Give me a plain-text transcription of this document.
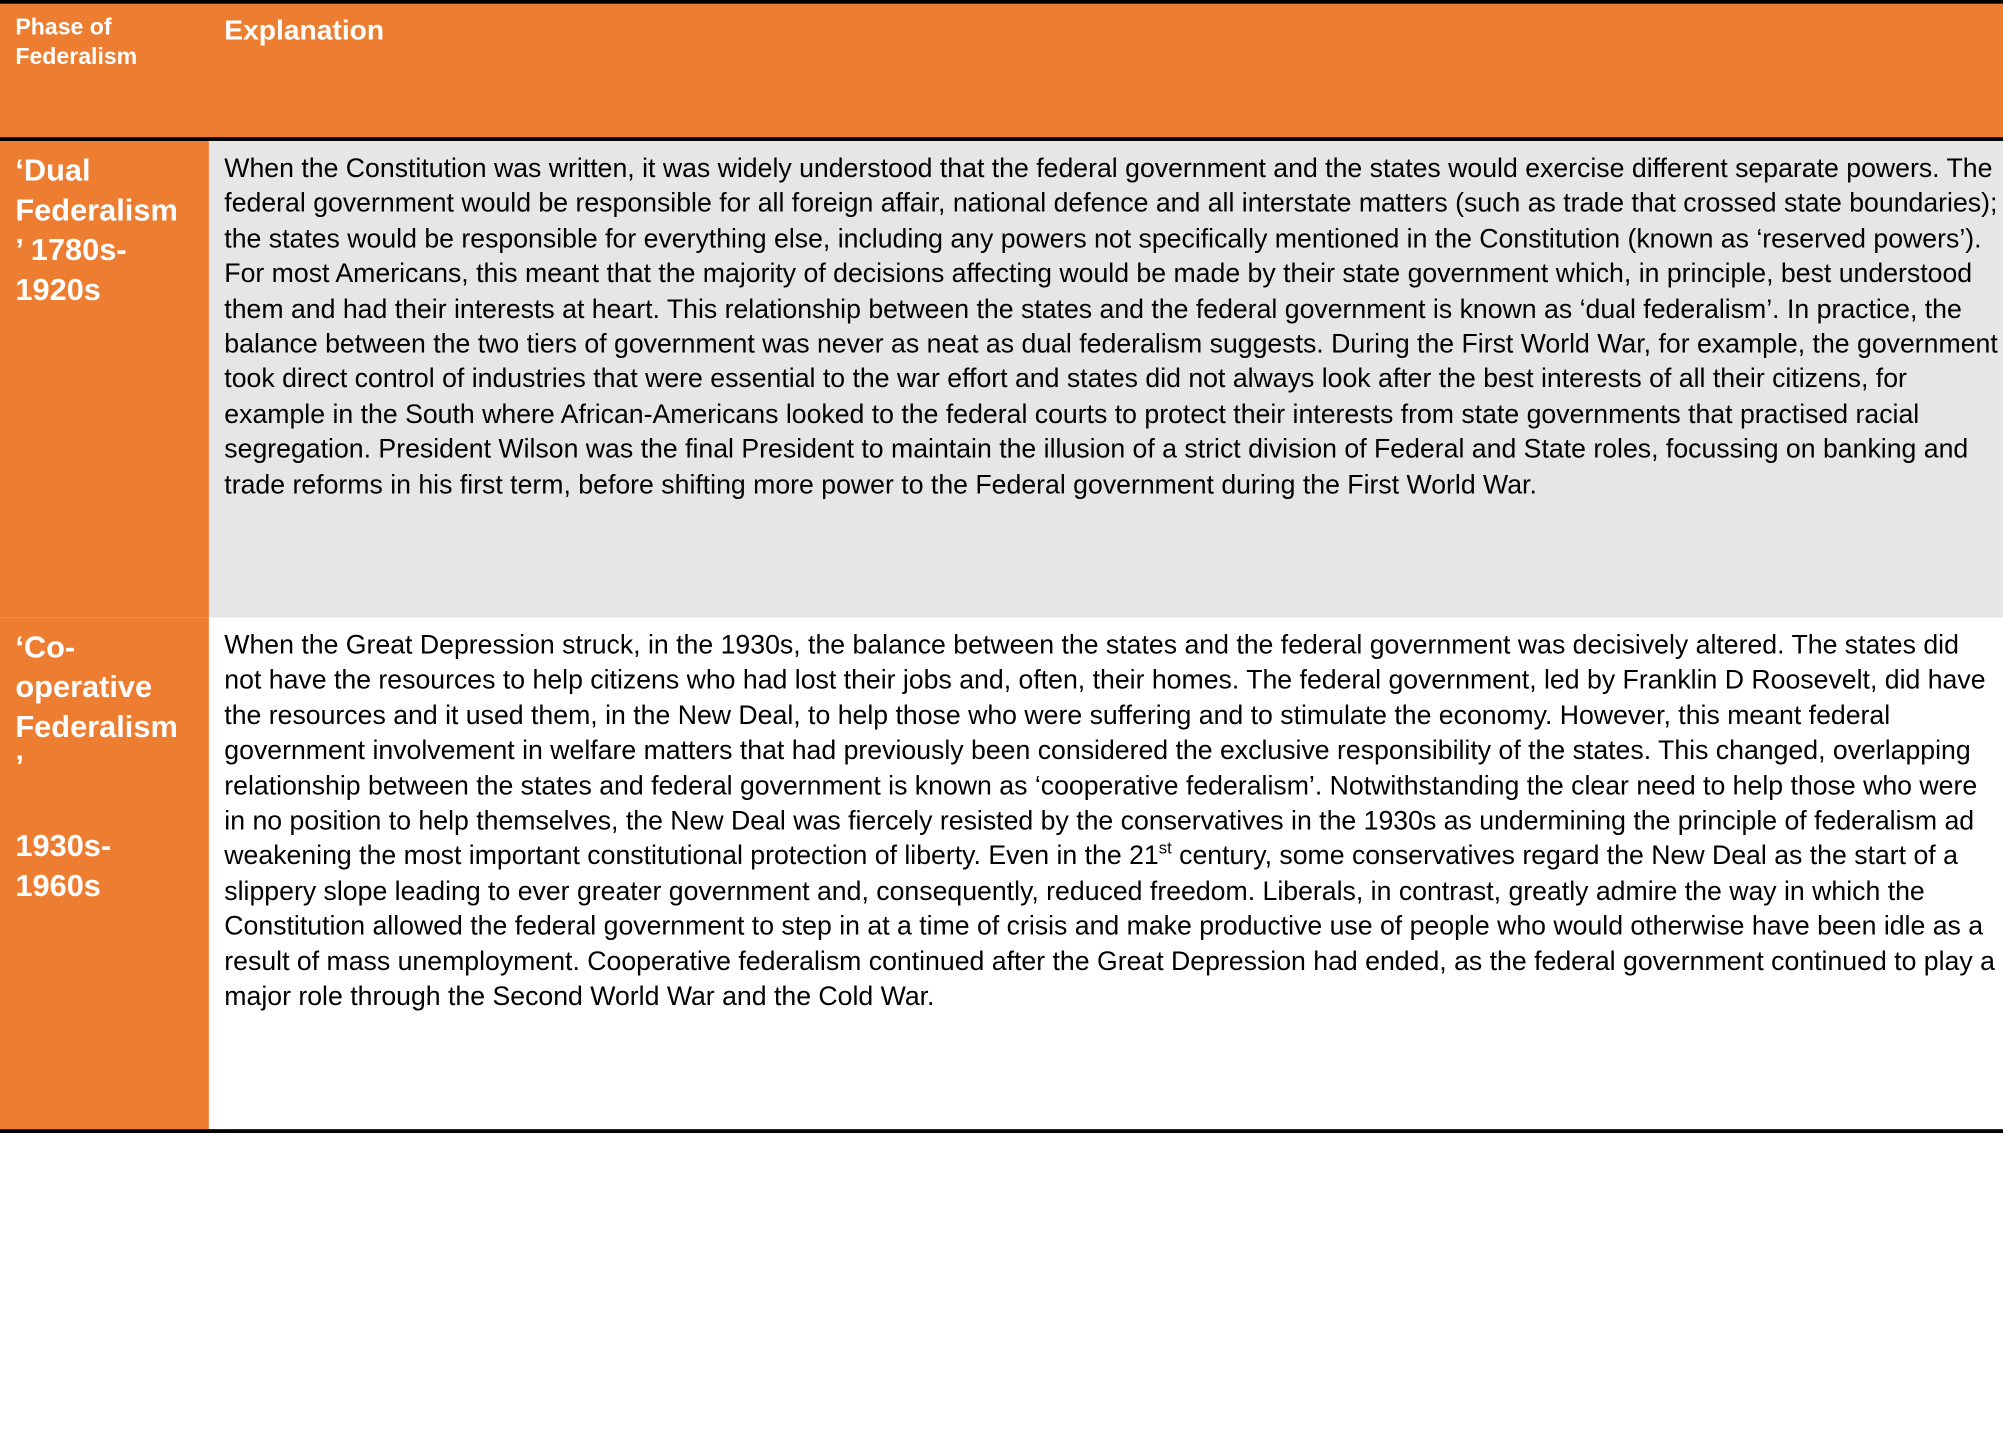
Phase of
Federalism
Explanation
‘Dual
Federalism
’ 1780s-
1920s
When the Constitution was written, it was widely understood that the federal government and the states would exercise different separate powers. The federal government would be responsible for all foreign affair, national defence and all interstate matters (such as trade that crossed state boundaries); the states would be responsible for everything else, including any powers not specifically mentioned in the Constitution (known as ‘reserved powers’). For most Americans, this meant that the majority of decisions affecting would be made by their state government which, in principle, best understood them and had their interests at heart. This relationship between the states and the federal government is known as ‘dual federalism’. In practice, the balance between the two tiers of government was never as neat as dual federalism suggests. During the First World War, for example, the government took direct control of industries that were essential to the war effort and states did not always look after the best interests of all their citizens, for example in the South where African-Americans looked to the federal courts to protect their interests from state governments that practised racial segregation. President Wilson was the final President to maintain the illusion of a strict division of Federal and State roles, focussing on banking and trade reforms in his first term, before shifting more power to the Federal government during the First World War.
‘Co-
operative
Federalism
’

1930s-
1960s
When the Great Depression struck, in the 1930s, the balance between the states and the federal government was decisively altered. The states did not have the resources to help citizens who had lost their jobs and, often, their homes. The federal government, led by Franklin D Roosevelt, did have the resources and it used them, in the New Deal, to help those who were suffering and to stimulate the economy. However, this meant federal government involvement in welfare matters that had previously been considered the exclusive responsibility of the states. This changed, overlapping relationship between the states and federal government is known as ‘cooperative federalism’. Notwithstanding the clear need to help those who were in no position to help themselves, the New Deal was fiercely resisted by the conservatives in the 1930s as undermining the principle of federalism ad weakening the most important constitutional protection of liberty. Even in the 21st century, some conservatives regard the New Deal as the start of a slippery slope leading to ever greater government and, consequently, reduced freedom. Liberals, in contrast, greatly admire the way in which the Constitution allowed the federal government to step in at a time of crisis and make productive use of people who would otherwise have been idle as a result of mass unemployment. Cooperative federalism continued after the Great Depression had ended, as the federal government continued to play a major role through the Second World War and the Cold War.
